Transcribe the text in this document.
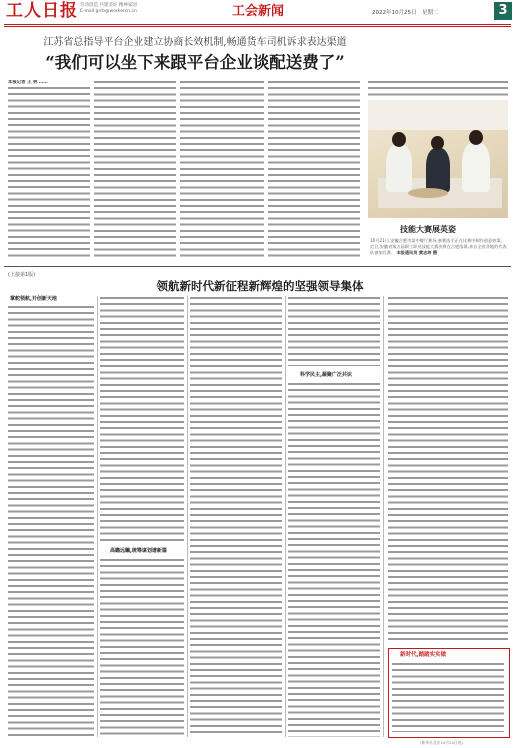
工人日报 劳动创造 共建美好 精神家园
E-mail:grrb@workercn.cn	工会新闻	2022年10月25日　星期二	3
江苏省总指导平台企业建立协商长效机制,畅通货车司机诉求表达渠道
“我们可以坐下来跟平台企业谈配送费了”
本报记者 王 林 ……
技能大赛展英姿
10月21日,安徽合肥市某中餐厅赛场,参赛选手正在比赛中制作创意热菜。近日,安徽省第五届职工职业技能大赛决赛在合肥落幕,来自全省各地的代表队参加比赛。 本报通讯员 黄志坤 摄
(上接第1版)
领航新时代新征程新辉煌的坚强领导集体
掌舵领航,开创新天地
高瞻远瞩,统筹谋划谱新篇
科学民主,凝聚广泛共识
新时代,踏踏实实做
(新华社北京10月24日电)
